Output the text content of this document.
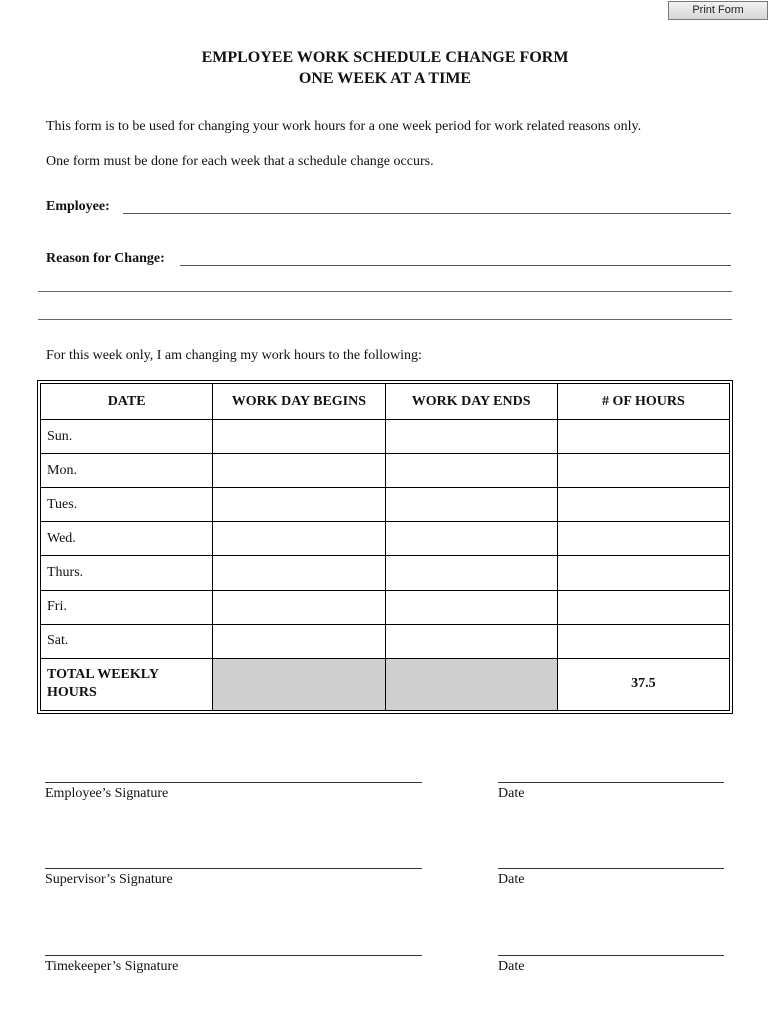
Print Form
EMPLOYEE WORK SCHEDULE CHANGE FORM
ONE WEEK AT A TIME
This form is to be used for changing your work hours for a one week period for work related reasons only.
One form must be done for each week that a schedule change occurs.
Employee:
Reason for Change:
For this week only, I am changing my work hours to the following:
DATE	WORK DAY BEGINS	WORK DAY ENDS	# OF HOURS
Sun.			
Mon.			
Tues.			
Wed.			
Thurs.			
Fri.			
Sat.			
TOTAL WEEKLY
HOURS			37.5
Employee’s Signature	Date
Supervisor’s Signature	Date
Timekeeper’s Signature	Date
